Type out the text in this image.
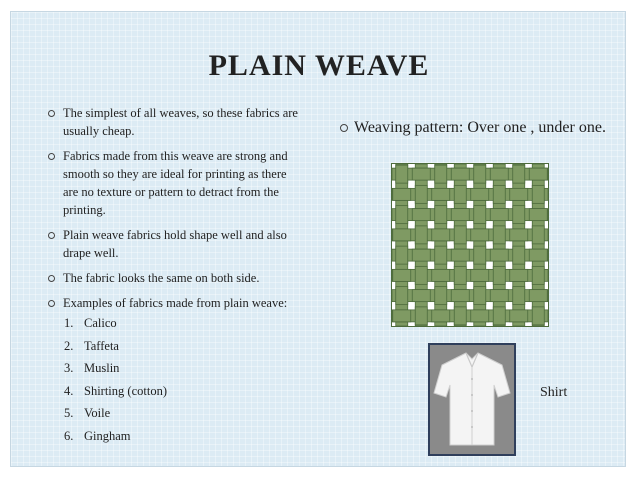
PLAIN WEAVE
The simplest of all weaves, so these fabrics are usually cheap.
Fabrics made from this weave are strong and smooth so they are ideal for printing as there are no texture or pattern to detract from the printing.
Plain weave fabrics hold shape well and also drape well.
The fabric looks the same on both side.
Examples of fabrics made from plain weave:
1. Calico
2. Taffeta
3. Muslin
4. Shirting (cotton)
5. Voile
6. Gingham
Weaving pattern: Over one , under one.
Shirt
